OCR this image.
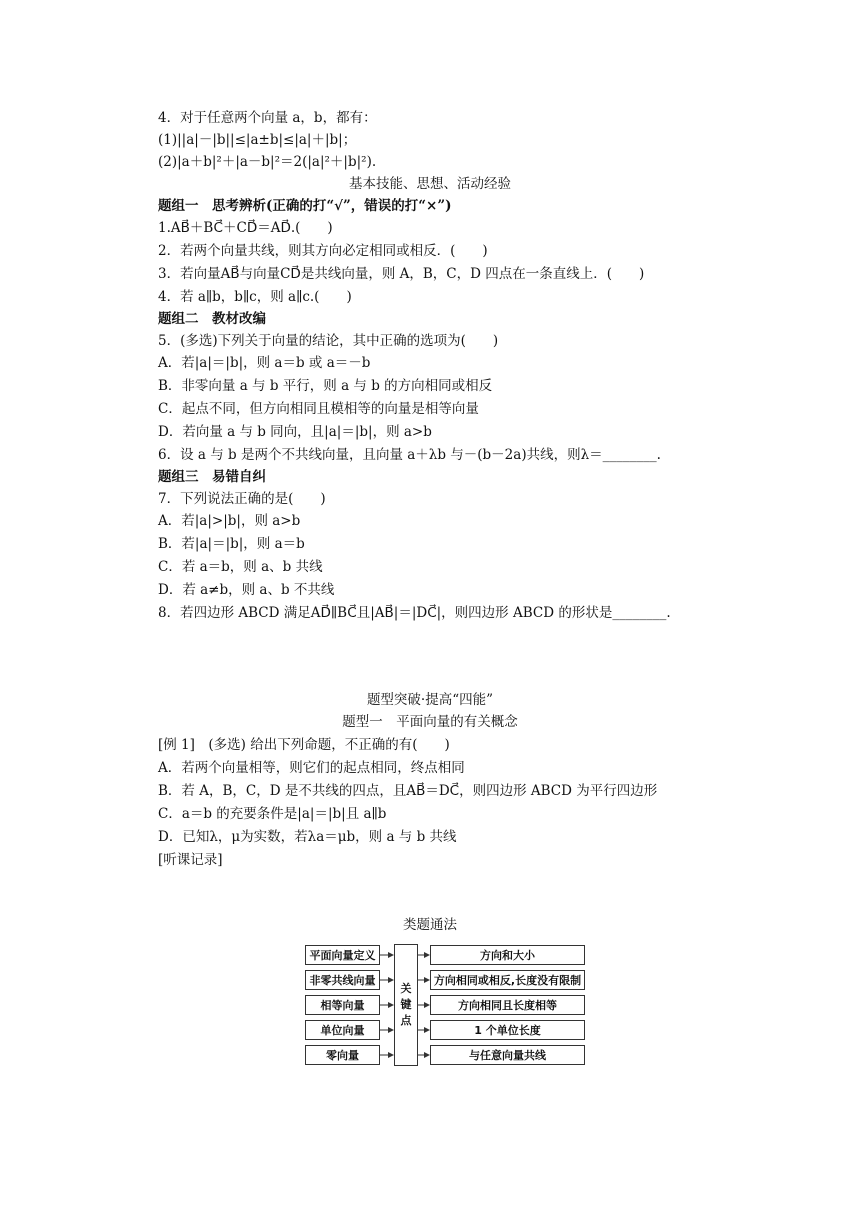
4．对于任意两个向量 a，b，都有：
(1)||a|－|b||≤|a±b|≤|a|＋|b|；
(2)|a＋b|²＋|a－b|²＝2(|a|²＋|b|²).
基本技能、思想、活动经验
题组一　思考辨析(正确的打“√”，错误的打“×”)
1.AB⃗＋BC⃗＋CD⃗＝AD⃗.(　　)
2．若两个向量共线，则其方向必定相同或相反．(　　)
3．若向量AB⃗与向量CD⃗是共线向量，则 A，B，C，D 四点在一条直线上．(　　)
4．若 a∥b，b∥c，则 a∥c.(　　)
题组二　教材改编
5．(多选)下列关于向量的结论，其中正确的选项为(　　)
A．若|a|＝|b|，则 a＝b 或 a＝－b
B．非零向量 a 与 b 平行，则 a 与 b 的方向相同或相反
C．起点不同，但方向相同且模相等的向量是相等向量
D．若向量 a 与 b 同向，且|a|＝|b|，则 a>b
6．设 a 与 b 是两个不共线向量，且向量 a＋λb 与－(b－2a)共线，则λ＝________.
题组三　易错自纠
7．下列说法正确的是(　　)
A．若|a|>|b|，则 a>b
B．若|a|＝|b|，则 a＝b
C．若 a＝b，则 a、b 共线
D．若 a≠b，则 a、b 不共线
8．若四边形 ABCD 满足AD⃗∥BC⃗且|AB⃗|＝|DC⃗|，则四边形 ABCD 的形状是________.
题型突破·提高“四能”
题型一　平面向量的有关概念
[例 1]　(多选) 给出下列命题，不正确的有(　　)
A．若两个向量相等，则它们的起点相同，终点相同
B．若 A，B，C，D 是不共线的四点，且AB⃗＝DC⃗，则四边形 ABCD 为平行四边形
C．a＝b 的充要条件是|a|＝|b|且 a∥b
D．已知λ，μ为实数，若λa＝μb，则 a 与 b 共线
[听课记录]
类题通法
平面向量定义
非零共线向量
相等向量
单位向量
零向量
关
键
点
方向和大小
方向相同或相反,长度没有限制
方向相同且长度相等
1 个单位长度
与任意向量共线
